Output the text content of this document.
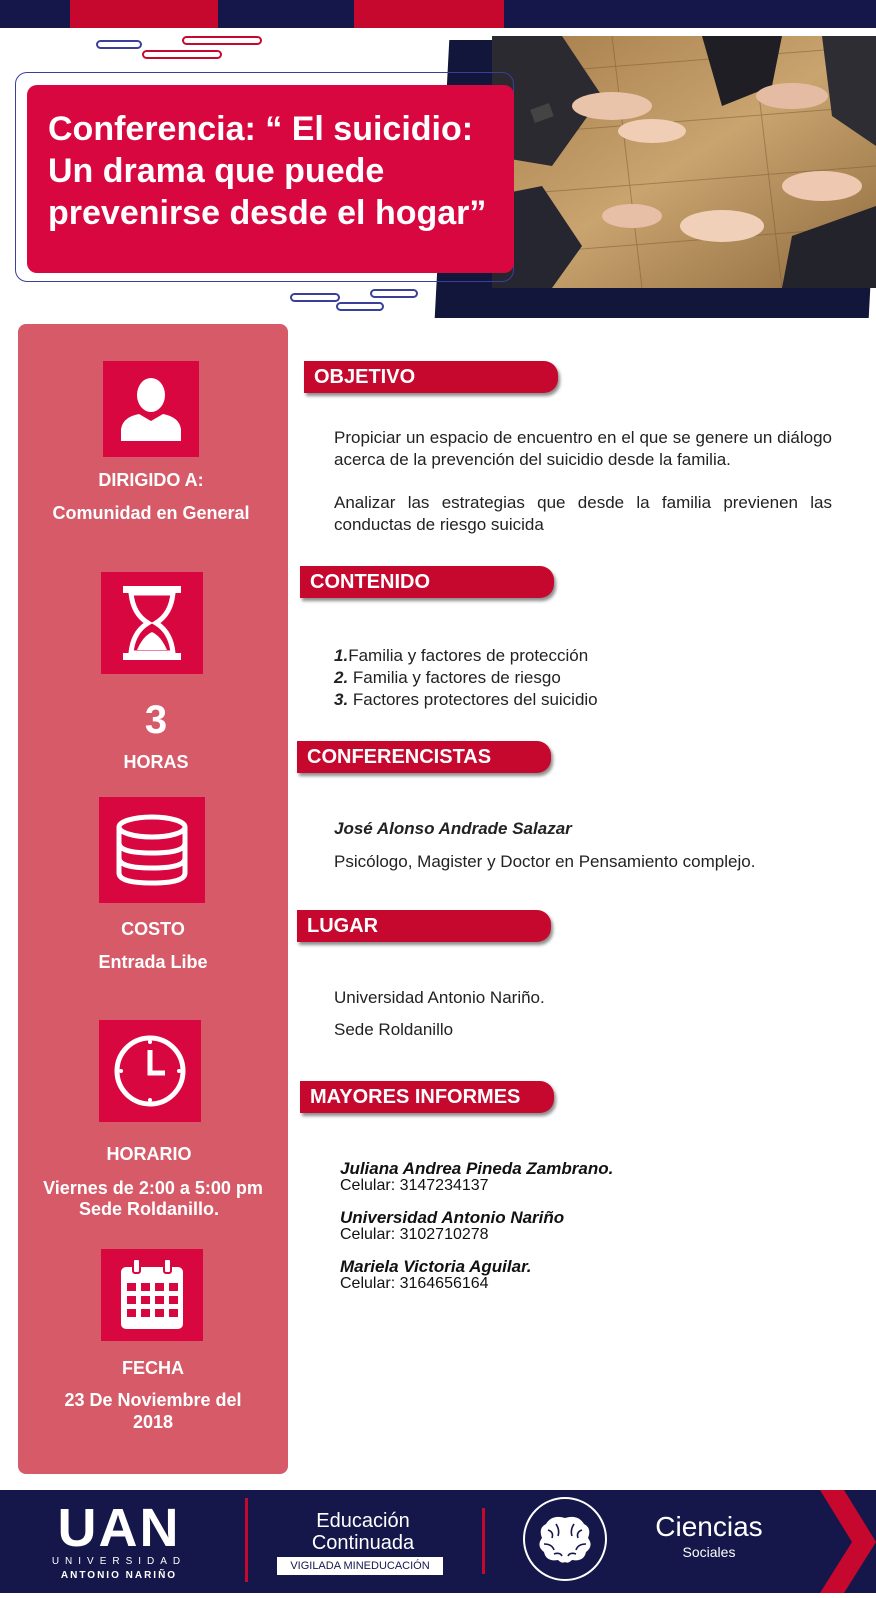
Conferencia: “ El suicidio: Un drama que puede prevenirse desde el hogar”
DIRIGIDO A:
Comunidad en General
3
HORAS
COSTO
Entrada Libe
HORARIO
Viernes de 2:00 a 5:00 pm
Sede Roldanillo.
FECHA
23 De Noviembre del
2018
OBJETIVO
Propiciar un espacio de encuentro en el que se genere un diálogo acerca de la prevención del suicidio desde la familia.
Analizar las estrategias que desde la familia previenen las conductas de riesgo suicida
CONTENIDO
1.Familia y factores de protección
2. Familia y factores de riesgo
3. Factores protectores del suicidio
CONFERENCISTAS
José Alonso Andrade Salazar
Psicólogo, Magister y Doctor en Pensamiento complejo.
LUGAR
Universidad Antonio Nariño.
Sede Roldanillo
MAYORES INFORMES
Juliana Andrea Pineda Zambrano.
Celular: 3147234137
Universidad Antonio Nariño
Celular: 3102710278
Mariela Victoria Aguilar.
Celular: 3164656164
UAN
UNIVERSIDAD
ANTONIO NARIÑO
Educación
Continuada
VIGILADA MINEDUCACIÓN
Ciencias
Sociales
